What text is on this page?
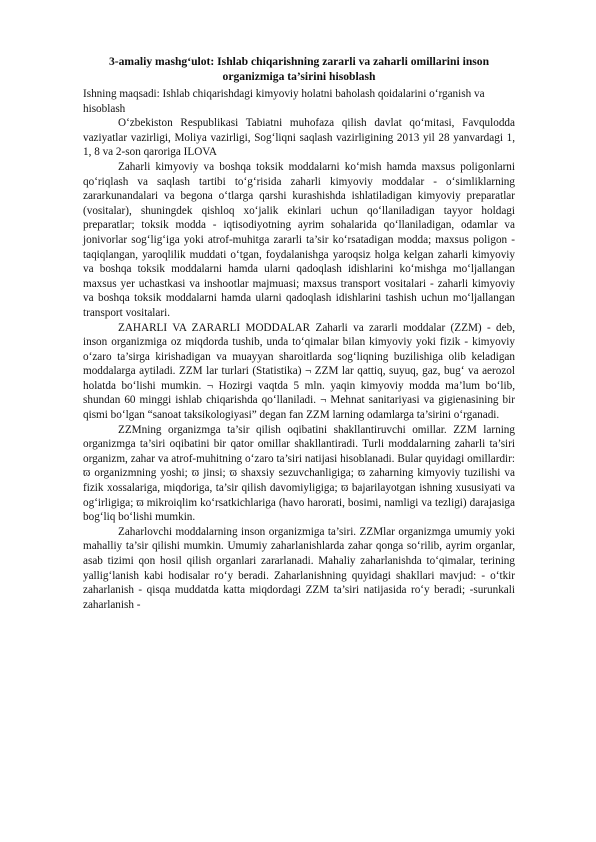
3-amaliy mashg‘ulot: Ishlab chiqarishning zararli va zaharli omillarini inson organizmiga ta’sirini hisoblash

Ishning maqsadi: Ishlab chiqarishdagi kimyoviy holatni baholash qoidalarini o‘rganish va hisoblash

O‘zbekiston Respublikasi Tabiatni muhofaza qilish davlat qo‘mitasi, Favqulodda vaziyatlar vazirligi, Moliya vazirligi, Sog‘liqni saqlash vazirligining 2013 yil 28 yanvardagi 1, 1, 8 va 2-son qaroriga ILOVA

Zaharli kimyoviy va boshqa toksik moddalarni ko‘mish hamda maxsus poligonlarni qo‘riqlash va saqlash tartibi to‘g‘risida zaharli kimyoviy moddalar - o‘simliklarning zararkunandalari va begona o‘tlarga qarshi kurashishda ishlatiladigan kimyoviy preparatlar (vositalar), shuningdek qishloq xo‘jalik ekinlari uchun qo‘llaniladigan tayyor holdagi preparatlar; toksik modda - iqtisodiyotning ayrim sohalarida qo‘llaniladigan, odamlar va jonivorlar sog‘lig‘iga yoki atrof-muhitga zararli ta’sir ko‘rsatadigan modda; maxsus poligon - taqiqlangan, yaroqlilik muddati o‘tgan, foydalanishga yaroqsiz holga kelgan zaharli kimyoviy va boshqa toksik moddalarni hamda ularni qadoqlash idishlarini ko‘mishga mo‘ljallangan maxsus yer uchastkasi va inshootlar majmuasi; maxsus transport vositalari - zaharli kimyoviy va boshqa toksik moddalarni hamda ularni qadoqlash idishlarini tashish uchun mo‘ljallangan transport vositalari.

ZAHARLI VA ZARARLI MODDALAR Zaharli va zararli moddalar (ZZM) - deb, inson organizmiga oz miqdorda tushib, unda to‘qimalar bilan kimyoviy yoki fizik - kimyoviy o‘zaro ta’sirga kirishadigan va muayyan sharoitlarda sog‘liqning buzilishiga olib keladigan moddalarga aytiladi. ZZM lar turlari (Statistika) ¬ ZZM lar qattiq, suyuq, gaz, bug‘ va aerozol holatda bo‘lishi mumkin. ¬ Hozirgi vaqtda 5 mln. yaqin kimyoviy modda ma’lum bo‘lib, shundan 60 minggi ishlab chiqarishda qo‘llaniladi. ¬ Mehnat sanitariyasi va gigienasining bir qismi bo‘lgan “sanoat taksikologiyasi” degan fan ZZM larning odamlarga ta’sirini o‘rganadi.

ZZMning organizmga ta’sir qilish oqibatini shakllantiruvchi omillar. ZZM larning organizmga ta’siri oqibatini bir qator omillar shakllantiradi. Turli moddalarning zaharli ta’siri organizm, zahar va atrof-muhitning o‘zaro ta’siri natijasi hisoblanadi. Bular quyidagi omillardir: ϖ organizmning yoshi; ϖ jinsi; ϖ shaxsiy sezuvchanligiga; ϖ zaharning kimyoviy tuzilishi va fizik xossalariga, miqdoriga, ta’sir qilish davomiyligiga; ϖ bajarilayotgan ishning xususiyati va og‘irligiga; ϖ mikroiqlim ko‘rsatkichlariga (havo harorati, bosimi, namligi va tezligi) darajasiga bog‘liq bo‘lishi mumkin.

Zaharlovchi moddalarning inson organizmiga ta’siri. ZZMlar organizmga umumiy yoki mahalliy ta’sir qilishi mumkin. Umumiy zaharlanishlarda zahar qonga so‘rilib, ayrim organlar, asab tizimi qon hosil qilish organlari zararlanadi. Mahaliy zaharlanishda to‘qimalar, terining yallig‘lanish kabi hodisalar ro‘y beradi. Zaharlanishning quyidagi shakllari mavjud: - o‘tkir zaharlanish - qisqa muddatda katta miqdordagi ZZM ta’siri natijasida ro‘y beradi; -surunkali zaharlanish -
